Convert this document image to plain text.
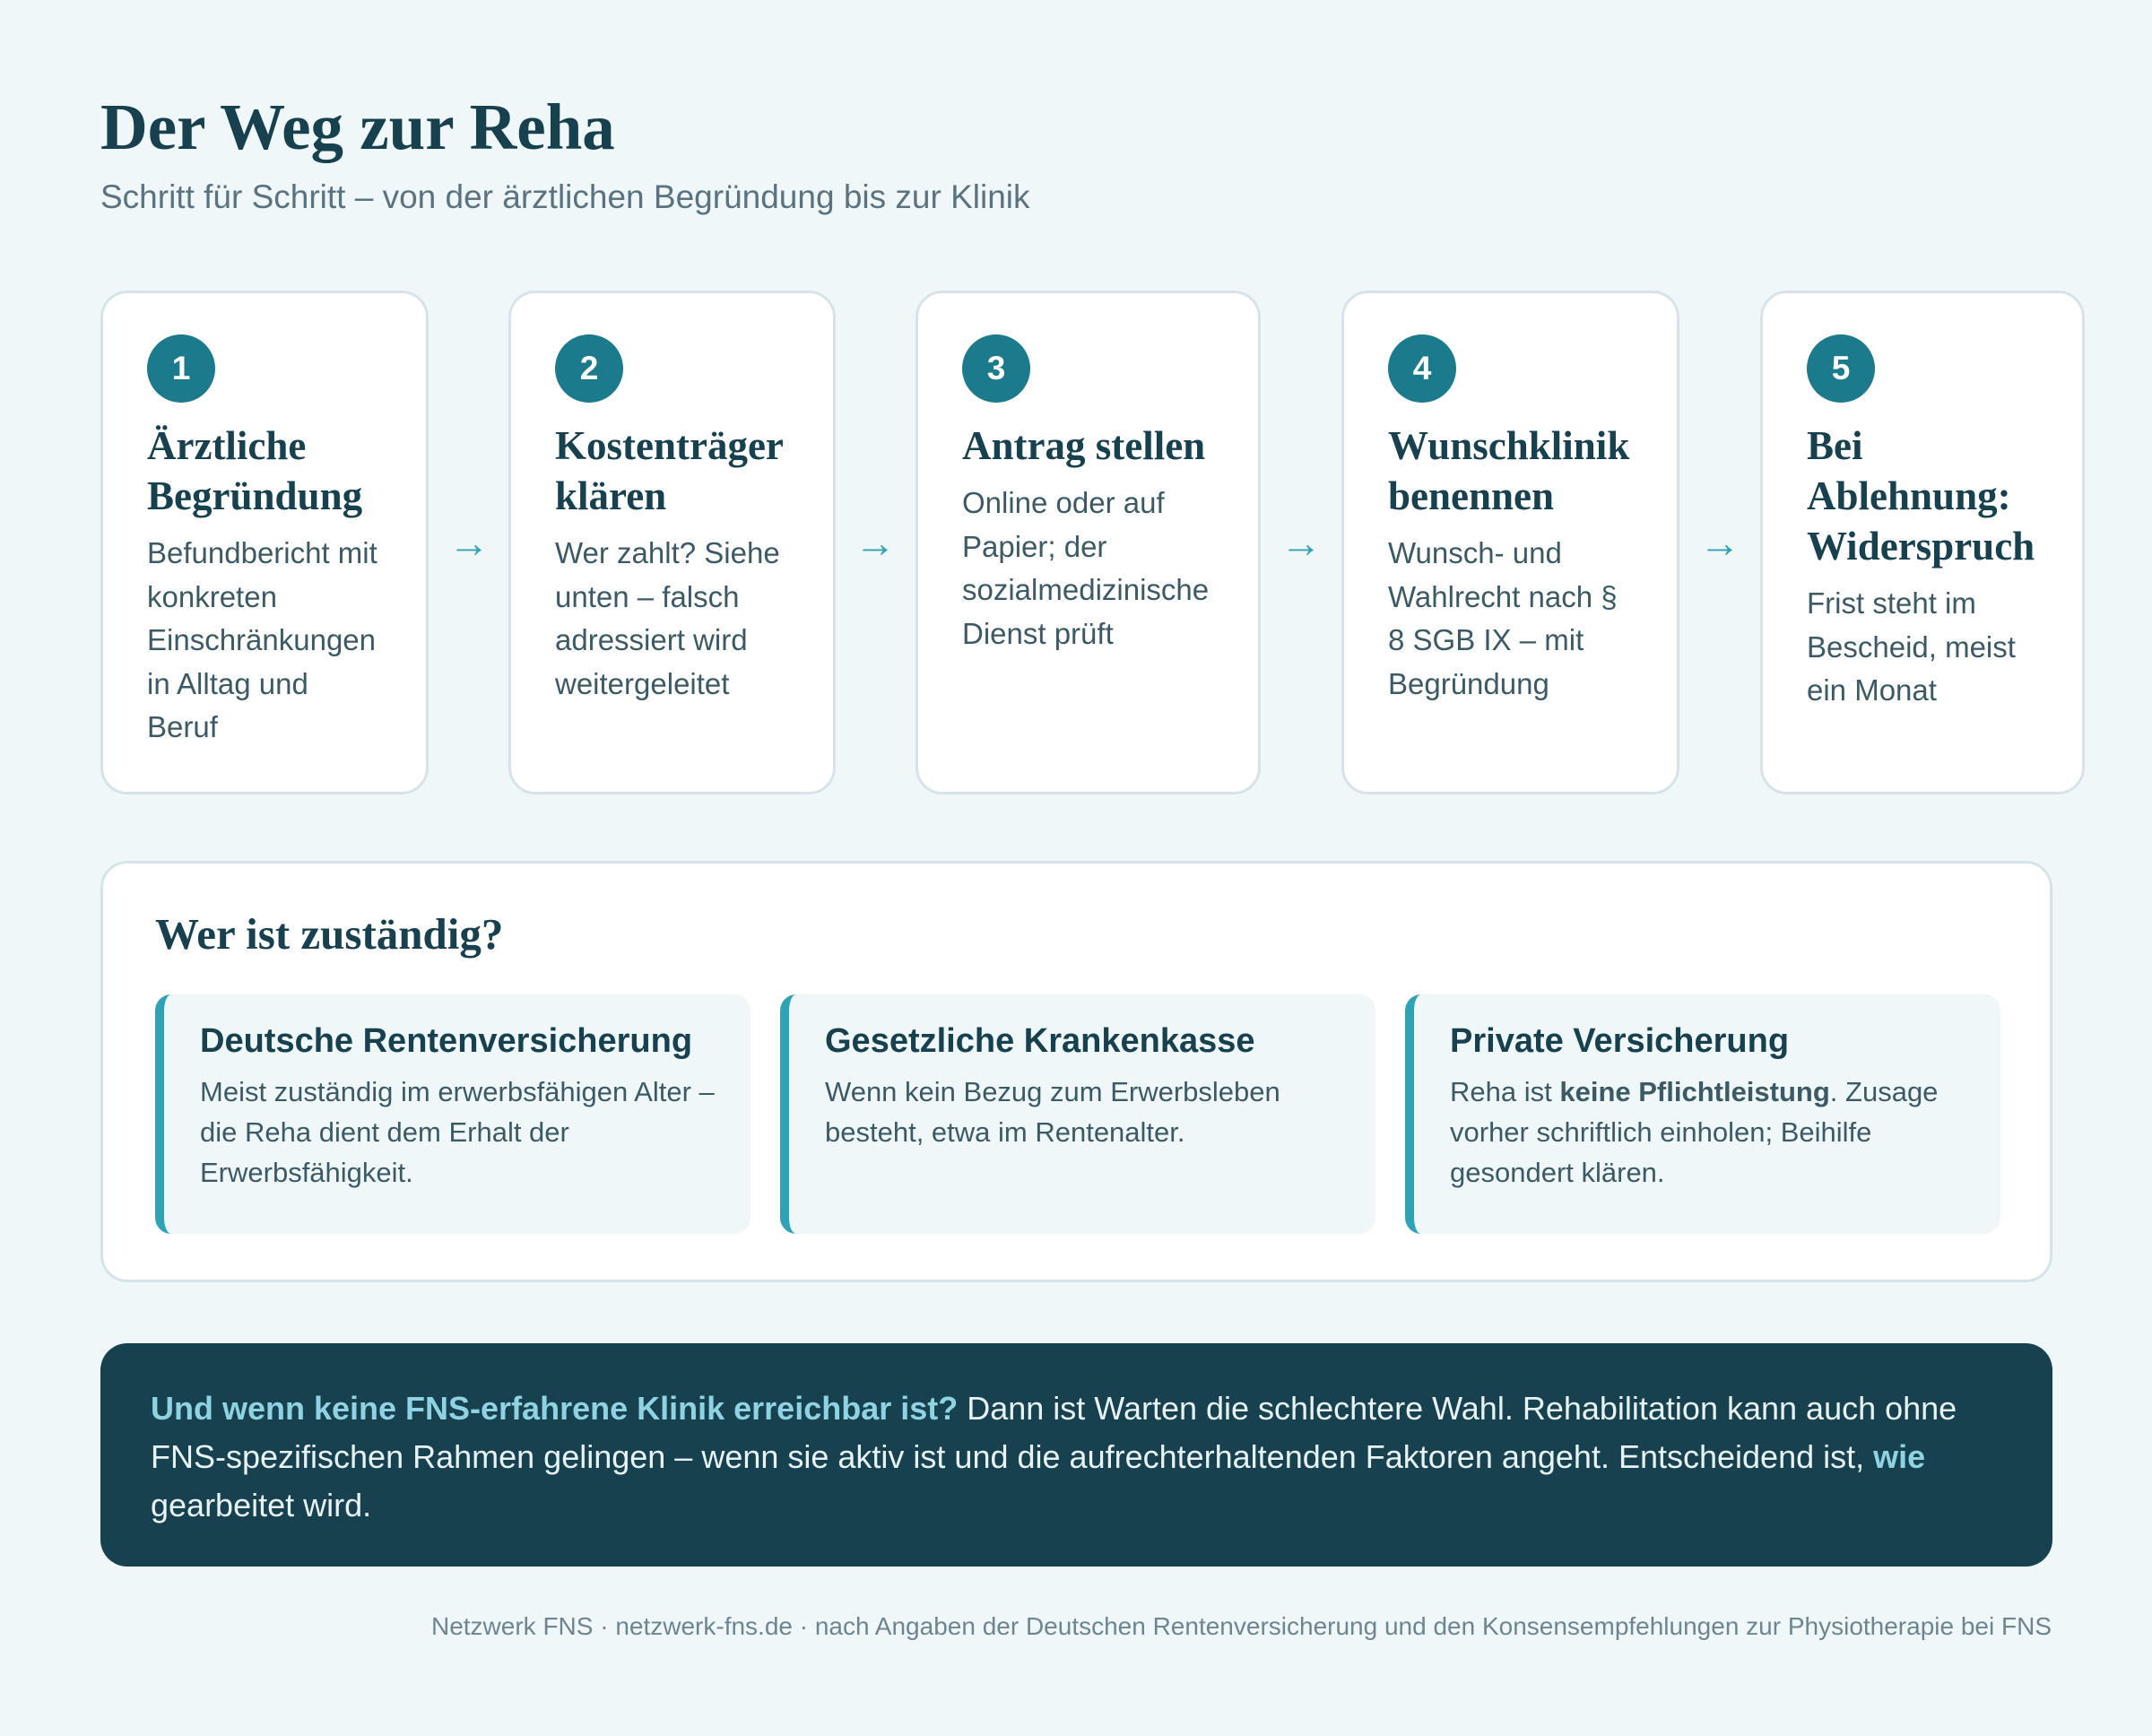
Der Weg zur Reha
Schritt für Schritt – von der ärztlichen Begründung bis zur Klinik
1
Ärztliche Begründung
Befundbericht mit konkreten Einschränkungen in Alltag und Beruf
→
2
Kostenträger klären
Wer zahlt? Siehe unten – falsch adressiert wird weitergeleitet
→
3
Antrag stellen
Online oder auf Papier; der sozialmedizinische Dienst prüft
→
4
Wunschklinik benennen
Wunsch- und Wahlrecht nach § 8 SGB IX – mit Begründung
→
5
Bei Ablehnung: Widerspruch
Frist steht im Bescheid, meist ein Monat
Wer ist zuständig?
Deutsche Rentenversicherung
Meist zuständig im erwerbsfähigen Alter – die Reha dient dem Erhalt der Erwerbsfähigkeit.
Gesetzliche Krankenkasse
Wenn kein Bezug zum Erwerbsleben besteht, etwa im Rentenalter.
Private Versicherung
Reha ist keine Pflichtleistung. Zusage vorher schriftlich einholen; Beihilfe gesondert klären.
Und wenn keine FNS-erfahrene Klinik erreichbar ist? Dann ist Warten die schlechtere Wahl. Rehabilitation kann auch ohne FNS-spezifischen Rahmen gelingen – wenn sie aktiv ist und die aufrechterhaltenden Faktoren angeht. Entscheidend ist, wie gearbeitet wird.
Netzwerk FNS · netzwerk-fns.de · nach Angaben der Deutschen Rentenversicherung und den Konsensempfehlungen zur Physiotherapie bei FNS
